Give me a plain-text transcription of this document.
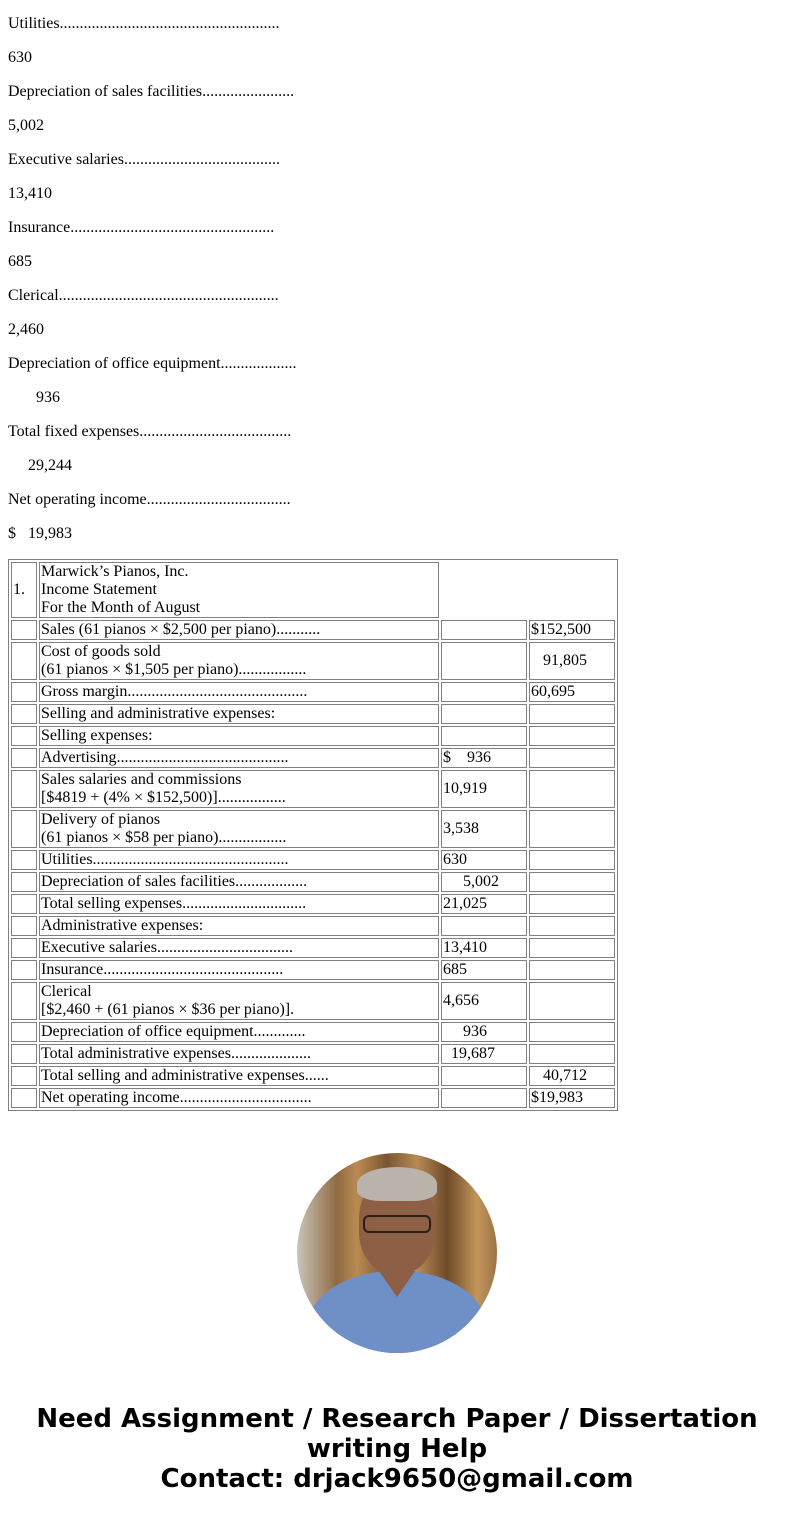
Utilities.......................................................
630
Depreciation of sales facilities.......................
5,002
Executive salaries.......................................
13,410
Insurance...................................................
685
Clerical.......................................................
2,460
Depreciation of office equipment...................
936
Total fixed expenses......................................
29,244
Net operating income....................................
$   19,983
1.	Marwick’s Pianos, Inc.
Income Statement
For the Month of August		
	Sales (61 pianos × $2,500 per piano)...........		$152,500
	Cost of goods sold
(61 pianos × $1,505 per piano).................		91,805
	Gross margin.............................................		60,695
	Selling and administrative expenses:		
	Selling expenses:		
	Advertising...........................................	$    936	
	Sales salaries and commissions
[$4819 + (4% × $152,500)].................	10,919	
	Delivery of pianos
(61 pianos × $58 per piano).................	3,538	
	Utilities.................................................	630	
	Depreciation of sales facilities..................	5,002	
	Total selling expenses...............................	21,025	
	Administrative expenses:		
	Executive salaries..................................	13,410	
	Insurance.............................................	685	
	Clerical
[$2,460 + (61 pianos × $36 per piano)].	4,656	
	Depreciation of office equipment.............	936	
	Total administrative expenses....................	19,687	
	Total selling and administrative expenses......		40,712
	Net operating income.................................		$19,983
Need Assignment / Research Paper / Dissertation
writing Help
Contact: drjack9650@gmail.com
